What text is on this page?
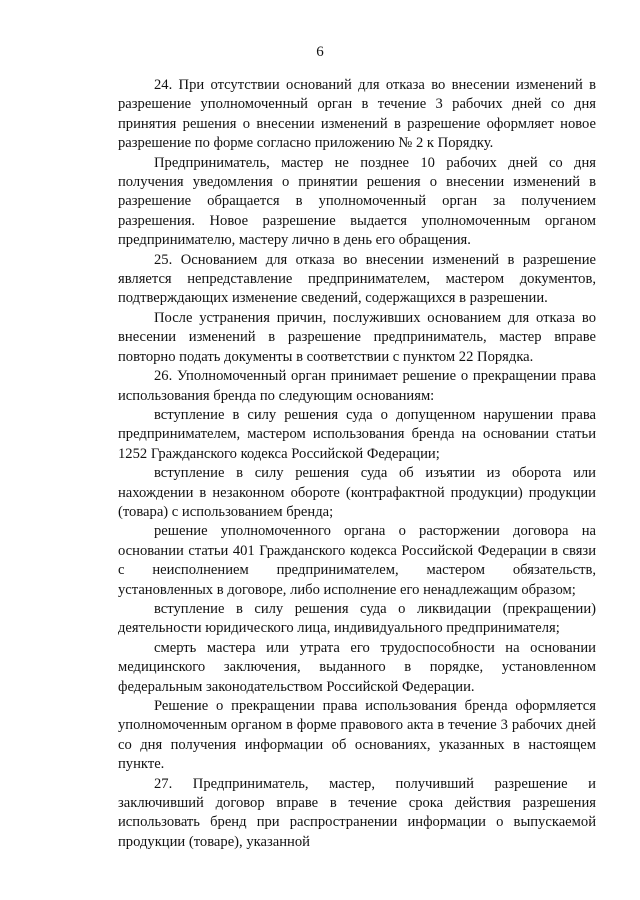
6

24. При отсутствии оснований для отказа во внесении изменений в разрешение уполномоченный орган в течение 3 рабочих дней со дня принятия решения о внесении изменений в разрешение оформляет новое разрешение по форме согласно приложению № 2 к Порядку.

Предприниматель, мастер не позднее 10 рабочих дней со дня получения уведомления о принятии решения о внесении изменений в разрешение обращается в уполномоченный орган за получением разрешения. Новое разрешение выдается уполномоченным органом предпринимателю, мастеру лично в день его обращения.

25. Основанием для отказа во внесении изменений в разрешение является непредставление предпринимателем, мастером документов, подтверждающих изменение сведений, содержащихся в разрешении.

После устранения причин, послуживших основанием для отказа во внесении изменений в разрешение предприниматель, мастер вправе повторно подать документы в соответствии с пунктом 22 Порядка.

26. Уполномоченный орган принимает решение о прекращении права использования бренда по следующим основаниям:

вступление в силу решения суда о допущенном нарушении права предпринимателем, мастером использования бренда на основании статьи 1252 Гражданского кодекса Российской Федерации;

вступление в силу решения суда об изъятии из оборота или нахождении в незаконном обороте (контрафактной продукции) продукции (товара) с использованием бренда;

решение уполномоченного органа о расторжении договора на основании статьи 401 Гражданского кодекса Российской Федерации в связи с неисполнением предпринимателем, мастером обязательств, установленных в договоре, либо исполнение его ненадлежащим образом;

вступление в силу решения суда о ликвидации (прекращении) деятельности юридического лица, индивидуального предпринимателя;

смерть мастера или утрата его трудоспособности на основании медицинского заключения, выданного в порядке, установленном федеральным законодательством Российской Федерации.

Решение о прекращении права использования бренда оформляется уполномоченным органом в форме правового акта в течение 3 рабочих дней со дня получения информации об основаниях, указанных в настоящем пункте.

27. Предприниматель, мастер, получивший разрешение и заключивший договор вправе в течение срока действия разрешения использовать бренд при распространении информации о выпускаемой продукции (товаре), указанной
